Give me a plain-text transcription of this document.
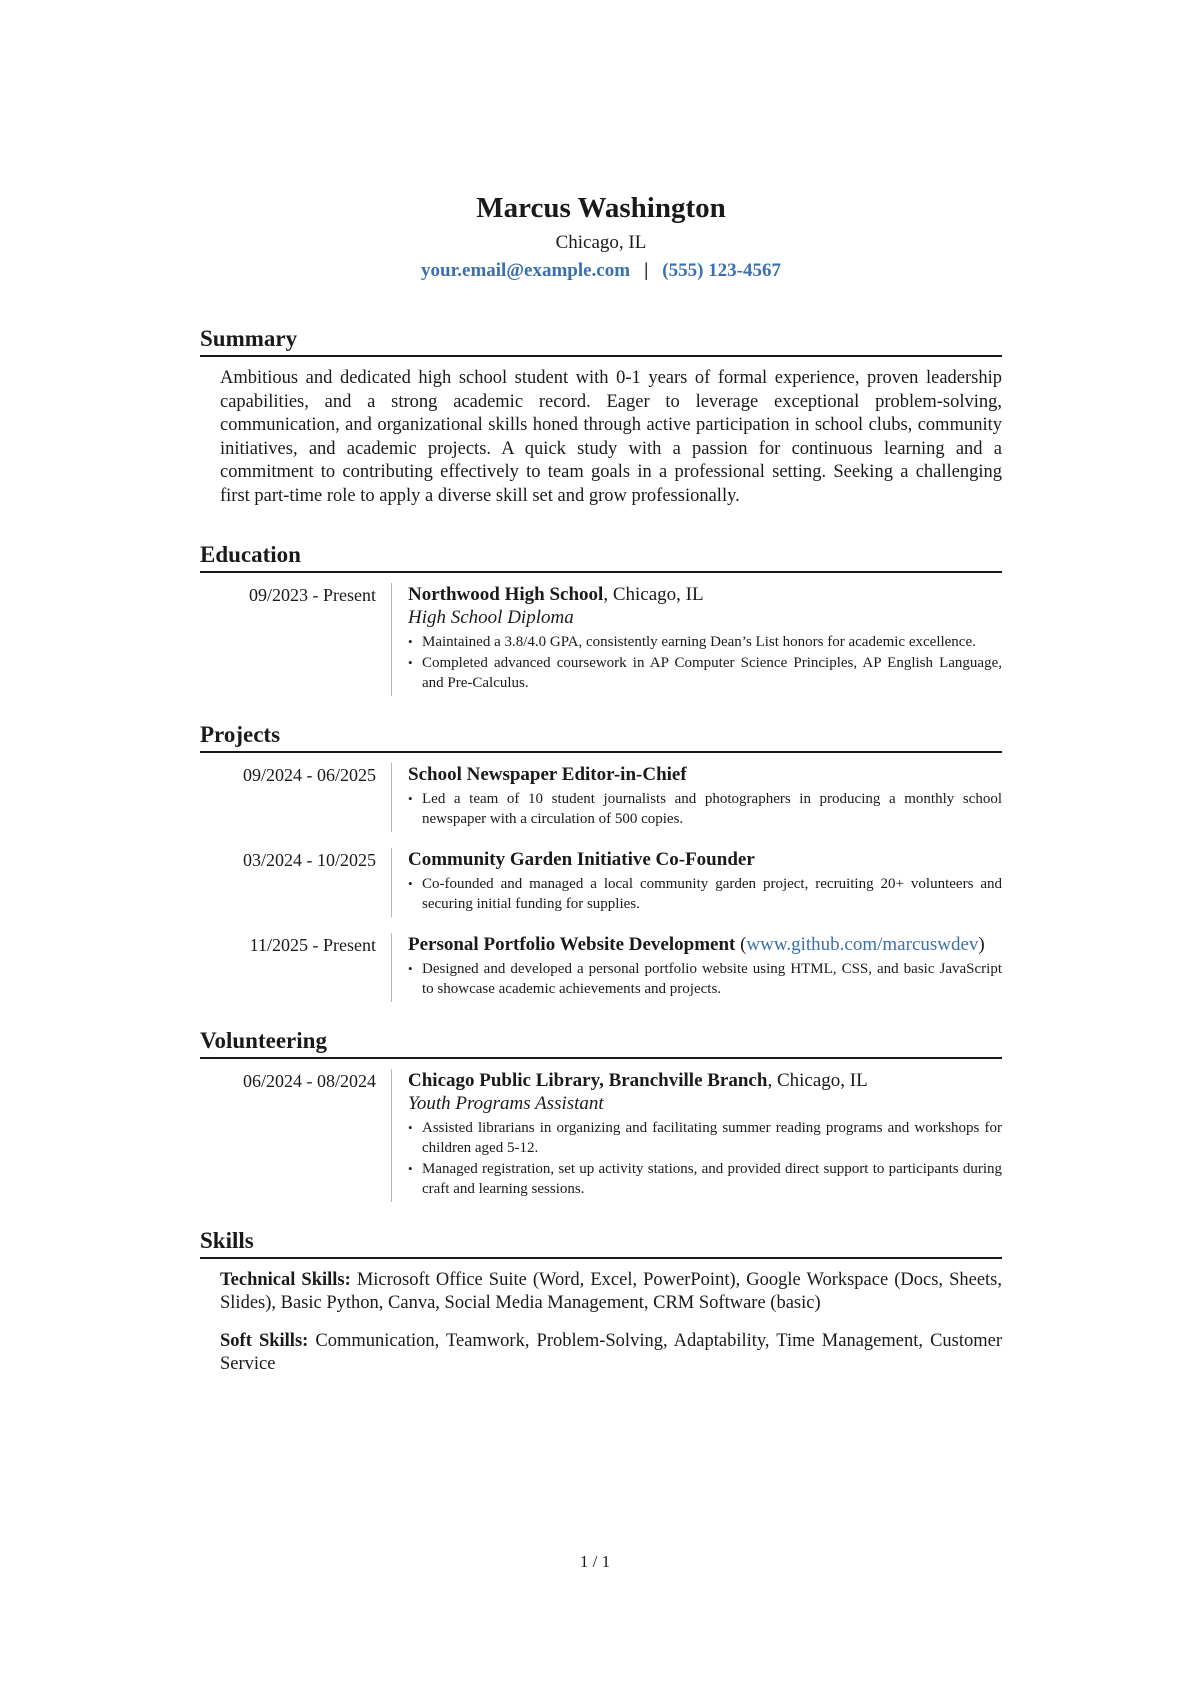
Marcus Washington
Chicago, IL
your.email@example.com | (555) 123-4567
Summary
Ambitious and dedicated high school student with 0-1 years of formal experience, proven leadership capabilities, and a strong academic record. Eager to leverage exceptional problem-solving, communication, and organizational skills honed through active participation in school clubs, community initiatives, and academic projects. A quick study with a passion for continuous learning and a commitment to contributing effectively to team goals in a professional setting. Seeking a challenging first part-time role to apply a diverse skill set and grow professionally.
Education
09/2023 - Present	Northwood High School, Chicago, IL
High School Diploma
• Maintained a 3.8/4.0 GPA, consistently earning Dean’s List honors for academic excellence.
• Completed advanced coursework in AP Computer Science Principles, AP English Language, and Pre-Calculus.
Projects
09/2024 - 06/2025	School Newspaper Editor-in-Chief
• Led a team of 10 student journalists and photographers in producing a monthly school newspaper with a circulation of 500 copies.
03/2024 - 10/2025	Community Garden Initiative Co-Founder
• Co-founded and managed a local community garden project, recruiting 20+ volunteers and securing initial funding for supplies.
11/2025 - Present	Personal Portfolio Website Development (www.github.com/marcuswdev)
• Designed and developed a personal portfolio website using HTML, CSS, and basic JavaScript to showcase academic achievements and projects.
Volunteering
06/2024 - 08/2024	Chicago Public Library, Branchville Branch, Chicago, IL
Youth Programs Assistant
• Assisted librarians in organizing and facilitating summer reading programs and workshops for children aged 5-12.
• Managed registration, set up activity stations, and provided direct support to participants during craft and learning sessions.
Skills

Technical Skills: Microsoft Office Suite (Word, Excel, PowerPoint), Google Workspace (Docs, Sheets, Slides), Basic Python, Canva, Social Media Management, CRM Software (basic)

Soft Skills: Communication, Teamwork, Problem-Solving, Adaptability, Time Management, Customer Service

1 / 1
